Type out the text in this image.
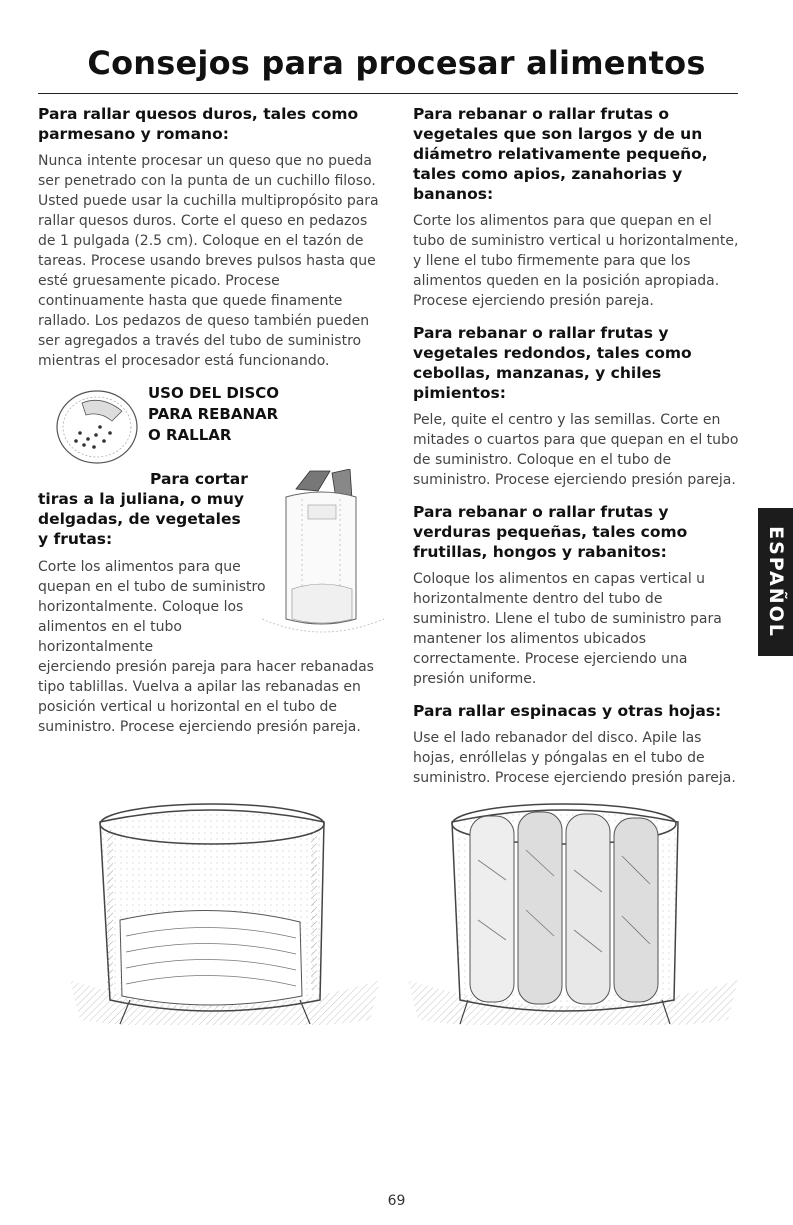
Consejos para procesar alimentos
Para rallar quesos duros, tales como parmesano y romano:

Nunca intente procesar un queso que no pueda ser penetrado con la punta de un cuchillo filoso. Usted puede usar la cuchilla multipropósito para rallar quesos duros. Corte el queso en pedazos de 1 pulgada (2.5 cm). Coloque en el tazón de tareas. Procese usando breves pulsos hasta que esté gruesamente picado. Procese continuamente hasta que quede finamente rallado. Los pedazos de queso también pueden ser agregados a través del tubo de suministro mientras el procesador está funcionando.

USO DEL DISCO
PARA REBANAR
O RALLAR
Para cortar
tiras a la juliana, o muy
delgadas, de vegetales
y frutas:

Corte los alimentos para que quepan en el tubo de suministro horizontalmente. Coloque los alimentos en el tubo horizontalmente

ejerciendo presión pareja para hacer rebanadas tipo tablillas. Vuelva a apilar las rebanadas en posición vertical u horizontal en el tubo de suministro. Procese ejerciendo presión pareja.

Para rebanar o rallar frutas o vegetales que son largos y de un diámetro relativamente pequeño, tales como apios, zanahorias y bananos:

Corte los alimentos para que quepan en el tubo de suministro vertical u horizontalmente, y llene el tubo firmemente para que los alimentos queden en la posición apropiada. Procese ejerciendo presión pareja.

Para rebanar o rallar frutas y vegetales redondos, tales como cebollas, manzanas, y chiles pimientos:

Pele, quite el centro y las semillas. Corte en mitades o cuartos para que quepan en el tubo de suministro. Coloque en el tubo de suministro. Procese ejerciendo presión pareja.

Para rebanar o rallar frutas y verduras pequeñas, tales como frutillas, hongos y rabanitos:

Coloque los alimentos en capas vertical u horizontalmente dentro del tubo de suministro. Llene el tubo de suministro para mantener los alimentos ubicados correctamente. Procese ejerciendo una presión uniforme.

Para rallar espinacas y otras hojas:

Use el lado rebanador del disco. Apile las hojas, enróllelas y póngalas en el tubo de suministro. Procese ejerciendo presión pareja.

ESPAÑOL
69
